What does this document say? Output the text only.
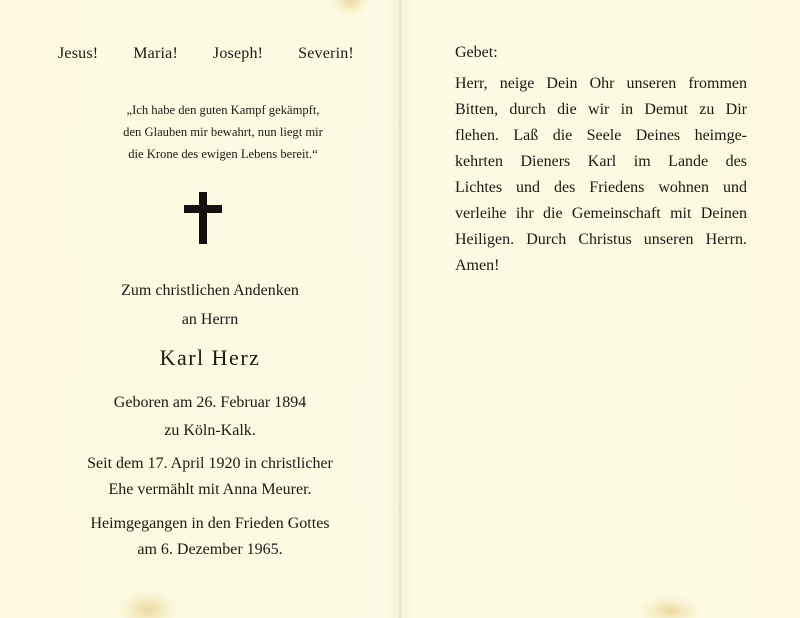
Jesus! Maria! Joseph! Severin!
„Ich habe den guten Kampf gekämpft,
den Glauben mir bewahrt, nun liegt mir
die Krone des ewigen Lebens bereit.“
Zum christlichen Andenken
an Herrn
Karl Herz
Geboren am 26. Februar 1894
zu Köln-Kalk.
Seit dem 17. April 1920 in christlicher
Ehe vermählt mit Anna Meurer.
Heimgegangen in den Frieden Gottes
am 6. Dezember 1965.
Gebet:
Herr, neige Dein Ohr unseren frommen
Bitten, durch die wir in Demut zu Dir
flehen. Laß die Seele Deines heimge-
kehrten Dieners Karl im Lande des
Lichtes und des Friedens wohnen und
verleihe ihr die Gemeinschaft mit Deinen
Heiligen. Durch Christus unseren Herrn.
Amen!
